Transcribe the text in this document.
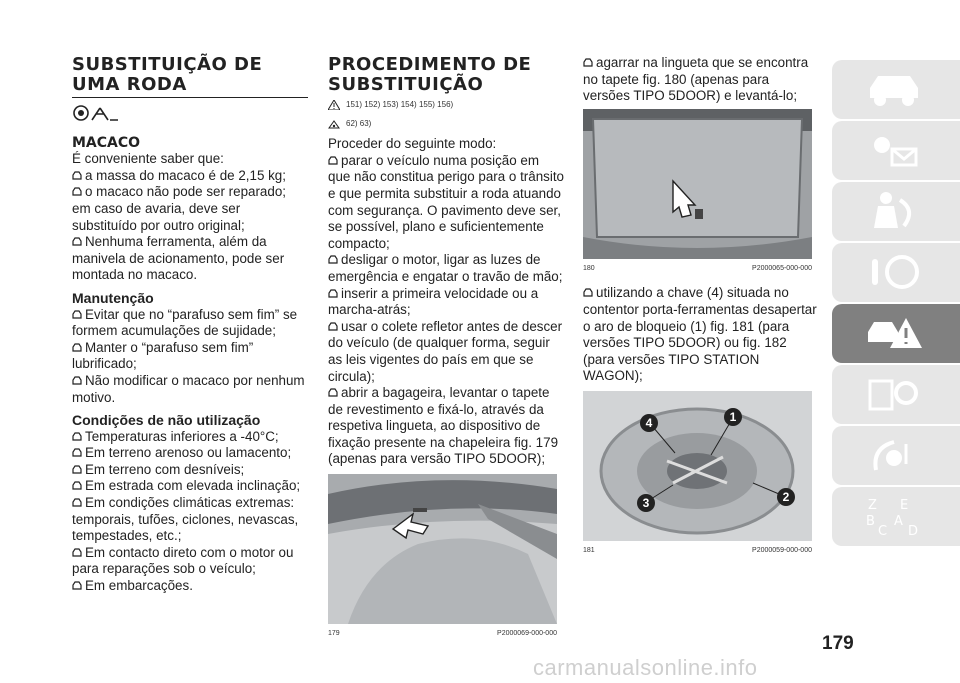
SUBSTITUIÇÃO DE
UMA RODA
MACACO
É conveniente saber que:
a massa do macaco é de 2,15 kg;
o macaco não pode ser reparado; em caso de avaria, deve ser substituído por outro original;
Nenhuma ferramenta, além da manivela de acionamento, pode ser montada no macaco.
Manutenção
Evitar que no “parafuso sem fim” se formem acumulações de sujidade;
Manter o “parafuso sem fim” lubrificado;
Não modificar o macaco por nenhum motivo.
Condições de não utilização
Temperaturas inferiores a -40°C;
Em terreno arenoso ou lamacento;
Em terreno com desníveis;
Em estrada com elevada inclinação;
Em condições climáticas extremas: temporais, tufões, ciclones, nevascas, tempestades, etc.;
Em contacto direto com o motor ou para reparações sob o veículo;
Em embarcações.
PROCEDIMENTO DE
SUBSTITUIÇÃO
151) 152) 153) 154) 155) 156)
62) 63)
Proceder do seguinte modo:
parar o veículo numa posição em que não constitua perigo para o trânsito e que permita substituir a roda atuando com segurança. O pavimento deve ser, se possível, plano e suficientemente compacto;
desligar o motor, ligar as luzes de emergência e engatar o travão de mão;
inserir a primeira velocidade ou a marcha-atrás;
usar o colete refletor antes de descer do veículo (de qualquer forma, seguir as leis vigentes do país em que se circula);
abrir a bagageira, levantar o tapete de revestimento e fixá-lo, através da respetiva lingueta, ao dispositivo de fixação presente na chapeleira fig. 179 (apenas para versão TIPO 5DOOR);
179	P2000069-000-000
agarrar na lingueta que se encontra no tapete fig. 180 (apenas para versões TIPO 5DOOR) e levantá-lo;
180	P2000065-000-000
utilizando a chave (4) situada no contentor porta-ferramentas desapertar o aro de bloqueio (1) fig. 181 (para versões TIPO 5DOOR) ou fig. 182 (para versões TIPO STATION WAGON);
1
2
3
4
181	P2000059-000-000
Z E
B A
C D
179
carmanualsonline.info
